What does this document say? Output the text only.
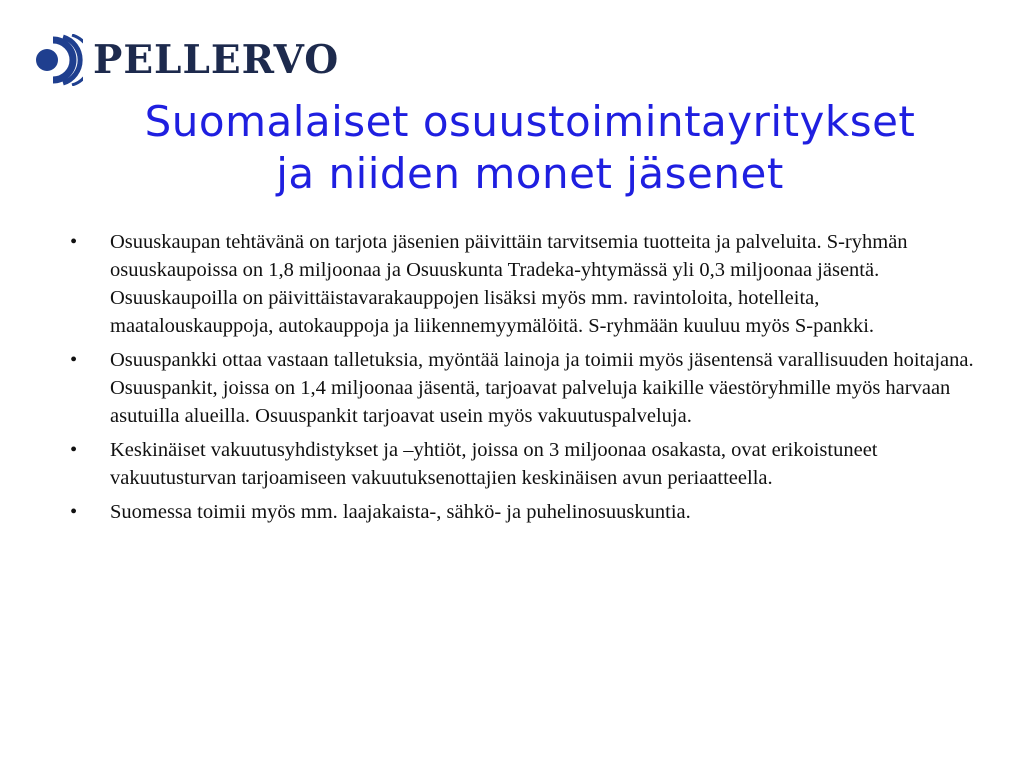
PELLERVO
Suomalaiset osuustoimintayritykset
ja niiden monet jäsenet
• Osuuskaupan tehtävänä on tarjota jäsenien päivittäin tarvitsemia tuotteita ja palveluita. S-ryhmän osuuskaupoissa on 1,8 miljoonaa ja Osuuskunta Tradeka-yhtymässä yli 0,3 miljoonaa jäsentä. Osuuskaupoilla on päivittäistavarakauppojen lisäksi myös mm. ravintoloita, hotelleita, maatalouskauppoja, autokauppoja ja liikennemyymälöitä. S-ryhmään kuuluu myös S-pankki.
• Osuuspankki ottaa vastaan talletuksia, myöntää lainoja ja toimii myös jäsentensä varallisuuden hoitajana. Osuuspankit, joissa on 1,4 miljoonaa jäsentä, tarjoavat palveluja kaikille väestöryhmille myös harvaan asutuilla alueilla. Osuuspankit tarjoavat usein myös vakuutuspalveluja.
• Keskinäiset vakuutusyhdistykset ja –yhtiöt, joissa on 3 miljoonaa osakasta, ovat erikoistuneet vakuutusturvan tarjoamiseen vakuutuksenottajien keskinäisen avun periaatteella.
• Suomessa toimii myös mm. laajakaista-, sähkö- ja puhelinosuuskuntia.
